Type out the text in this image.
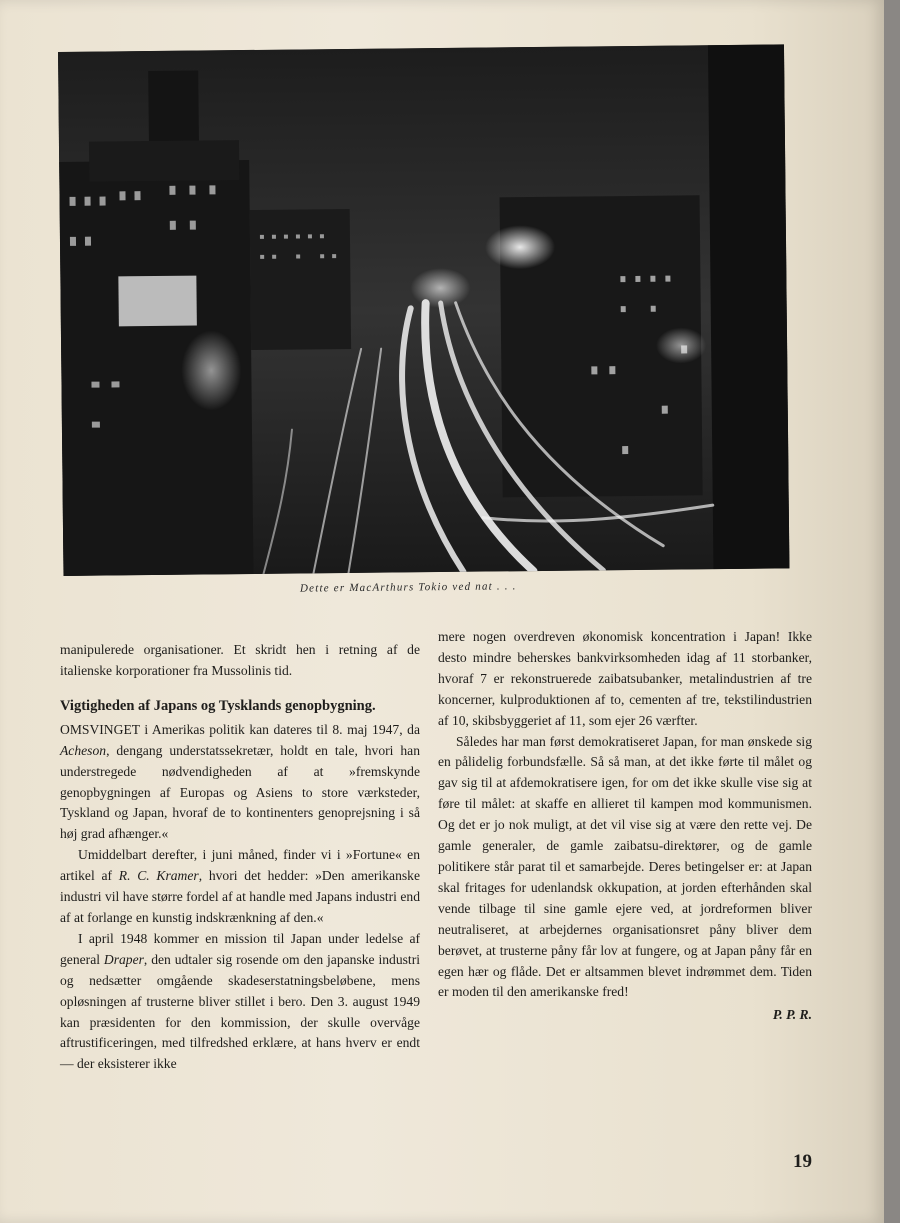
Dette er MacArthurs Tokio ved nat . . .

manipulerede organisationer. Et skridt hen i retning af de italienske korporationer fra Mussolinis tid.

Vigtigheden af Japans og Tysklands genopbygning.

OMSVINGET i Amerikas politik kan dateres til 8. maj 1947, da Acheson, dengang understatssekretær, holdt en tale, hvori han understregede nødvendigheden af at »fremskynde genopbygningen af Europas og Asiens to store værksteder, Tyskland og Japan, hvoraf de to kontinenters genoprejsning i så høj grad afhænger.«

Umiddelbart derefter, i juni måned, finder vi i »Fortune« en artikel af R. C. Kramer, hvori det hedder: »Den amerikanske industri vil have større fordel af at handle med Japans industri end af at forlange en kunstig indskrænkning af den.«

I april 1948 kommer en mission til Japan under ledelse af general Draper, den udtaler sig rosende om den japanske industri og nedsætter omgående skadeserstatningsbeløbene, mens opløsningen af trusterne bliver stillet i bero. Den 3. august 1949 kan præsidenten for den kommission, der skulle overvåge aftrustificeringen, med tilfredshed erklære, at hans hverv er endt — der eksisterer ikke

mere nogen overdreven økonomisk koncentration i Japan! Ikke desto mindre beherskes bankvirksomheden idag af 11 storbanker, hvoraf 7 er rekonstruerede zaibatsubanker, metalindustrien af tre koncerner, kulproduktionen af to, cementen af tre, tekstilindustrien af 10, skibsbyggeriet af 11, som ejer 26 værfter.

Således har man først demokratiseret Japan, for man ønskede sig en pålidelig forbundsfælle. Så så man, at det ikke førte til målet og gav sig til at afdemokratisere igen, for om det ikke skulle vise sig at føre til målet: at skaffe en allieret til kampen mod kommunismen. Og det er jo nok muligt, at det vil vise sig at være den rette vej. De gamle generaler, de gamle zaibatsu-direktører, og de gamle politikere står parat til et samarbejde. Deres betingelser er: at Japan skal fritages for udenlandsk okkupation, at jorden efterhånden skal vende tilbage til sine gamle ejere ved, at jordreformen bliver neutraliseret, at arbejdernes organisationsret påny bliver dem berøvet, at trusterne påny får lov at fungere, og at Japan påny får en egen hær og flåde. Det er altsammen blevet indrømmet dem. Tiden er moden til den amerikanske fred!

P. P. R.
19
